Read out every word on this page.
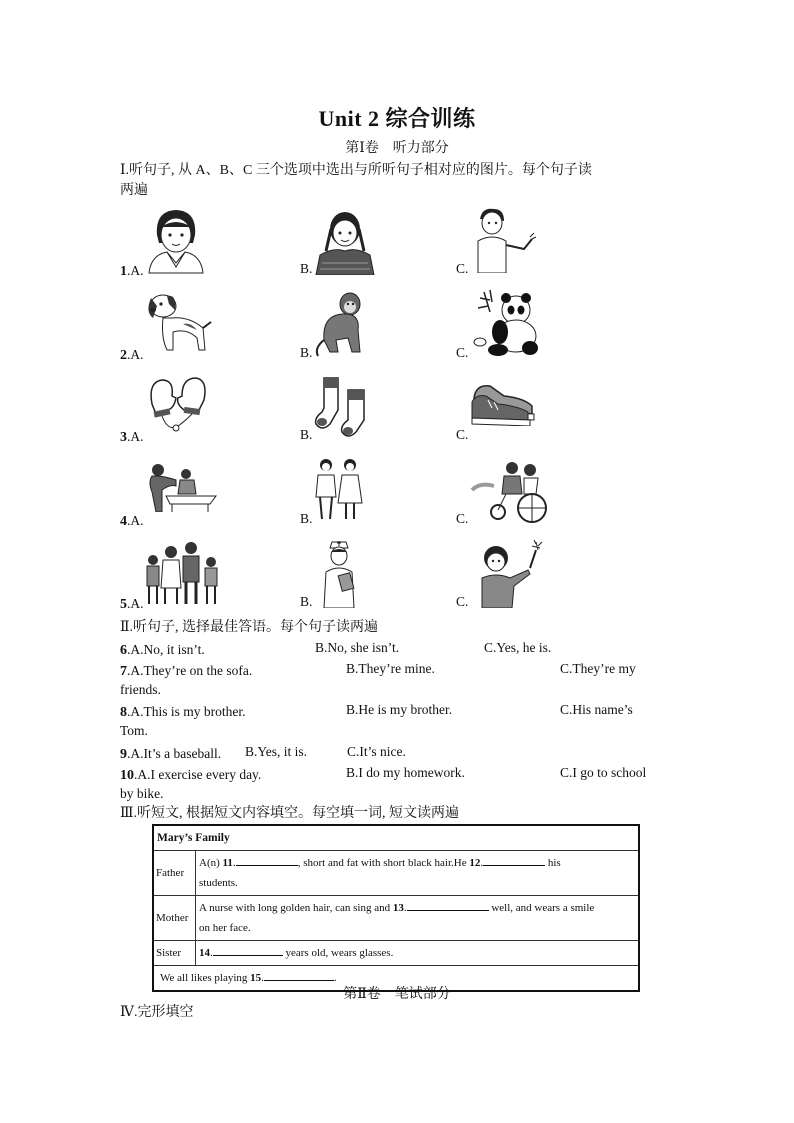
Unit 2 综合训练
第Ⅰ卷　听力部分
Ⅰ.听句子, 从 A、B、C 三个选项中选出与所听句子相对应的图片。每个句子读
两遍
1.A.	B.	C.
2.A.	B.	C.
3.A.	B.	C.
4.A.	B.	C.
5.A.	B.	C.
Ⅱ.听句子, 选择最佳答语。每个句子读两遍
6.A.No, it isn’t.	B.No, she isn’t.	C.Yes, he is.
7.A.They’re on the sofa.	B.They’re mine.	C.They’re my
friends.
8.A.This is my brother.	B.He is my brother.	C.His name’s
Tom.
9.A.It’s a baseball. B.Yes, it is.	C.It’s nice.
10.A.I exercise every day.	B.I do my homework.	C.I go to school
by bike.
Ⅲ.听短文, 根据短文内容填空。每空填一词, 短文读两遍
Mary’s Family	
Father	A(n) 11. , short and fat with short black hair.He 12. his
students.
Mother	A nurse with long golden hair, can sing and 13. well, and wears a smile
on her face.
Sister	14. years old, wears glasses.
We all likes playing 15. .	
第Ⅱ卷　笔试部分
Ⅳ.完形填空
